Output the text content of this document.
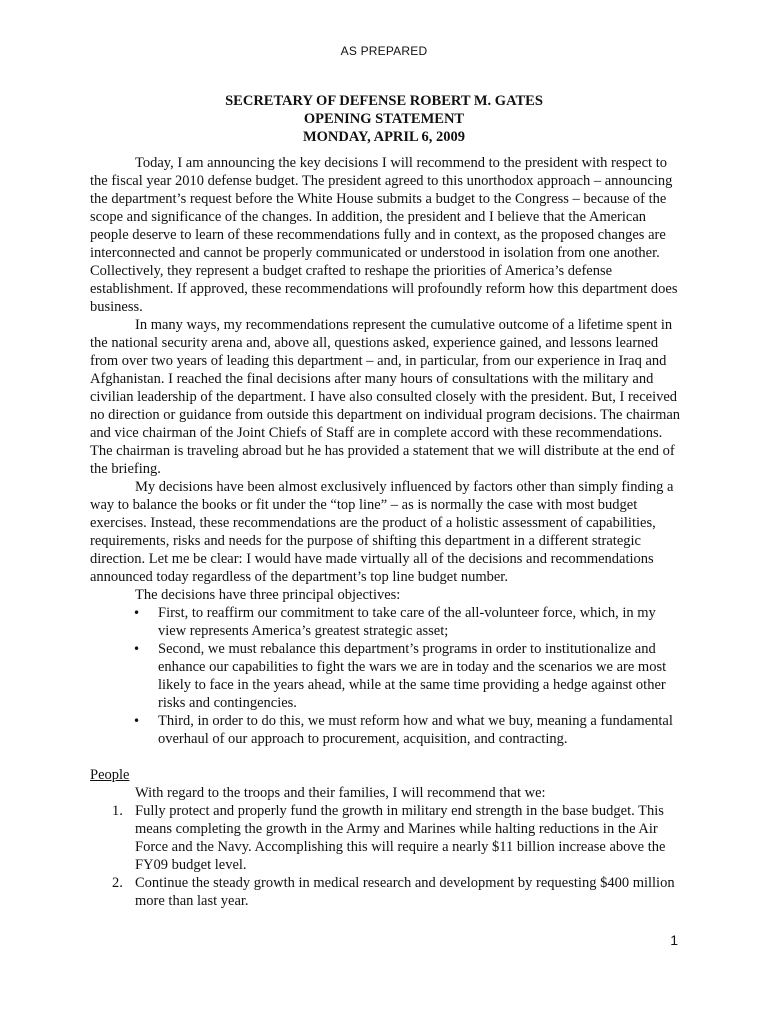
AS PREPARED
SECRETARY OF DEFENSE ROBERT M. GATES
OPENING STATEMENT
MONDAY, APRIL 6, 2009

Today, I am announcing the key decisions I will recommend to the president with respect to the fiscal year 2010 defense budget. The president agreed to this unorthodox approach – announcing the department’s request before the White House submits a budget to the Congress – because of the scope and significance of the changes. In addition, the president and I believe that the American people deserve to learn of these recommendations fully and in context, as the proposed changes are interconnected and cannot be properly communicated or understood in isolation from one another. Collectively, they represent a budget crafted to reshape the priorities of America’s defense establishment. If approved, these recommendations will profoundly reform how this department does business.

In many ways, my recommendations represent the cumulative outcome of a lifetime spent in the national security arena and, above all, questions asked, experience gained, and lessons learned from over two years of leading this department – and, in particular, from our experience in Iraq and Afghanistan. I reached the final decisions after many hours of consultations with the military and civilian leadership of the department. I have also consulted closely with the president. But, I received no direction or guidance from outside this department on individual program decisions. The chairman and vice chairman of the Joint Chiefs of Staff are in complete accord with these recommendations. The chairman is traveling abroad but he has provided a statement that we will distribute at the end of the briefing.

My decisions have been almost exclusively influenced by factors other than simply finding a way to balance the books or fit under the “top line” – as is normally the case with most budget exercises. Instead, these recommendations are the product of a holistic assessment of capabilities, requirements, risks and needs for the purpose of shifting this department in a different strategic direction. Let me be clear: I would have made virtually all of the decisions and recommendations announced today regardless of the department’s top line budget number.

The decisions have three principal objectives:

• First, to reaffirm our commitment to take care of the all-volunteer force, which, in my view represents America’s greatest strategic asset;
• Second, we must rebalance this department’s programs in order to institutionalize and enhance our capabilities to fight the wars we are in today and the scenarios we are most likely to face in the years ahead, while at the same time providing a hedge against other risks and contingencies.
• Third, in order to do this, we must reform how and what we buy, meaning a fundamental overhaul of our approach to procurement, acquisition, and contracting.

People

With regard to the troops and their families, I will recommend that we:

1. Fully protect and properly fund the growth in military end strength in the base budget. This means completing the growth in the Army and Marines while halting reductions in the Air Force and the Navy. Accomplishing this will require a nearly $11 billion increase above the FY09 budget level.
2. Continue the steady growth in medical research and development by requesting $400 million more than last year.
1
